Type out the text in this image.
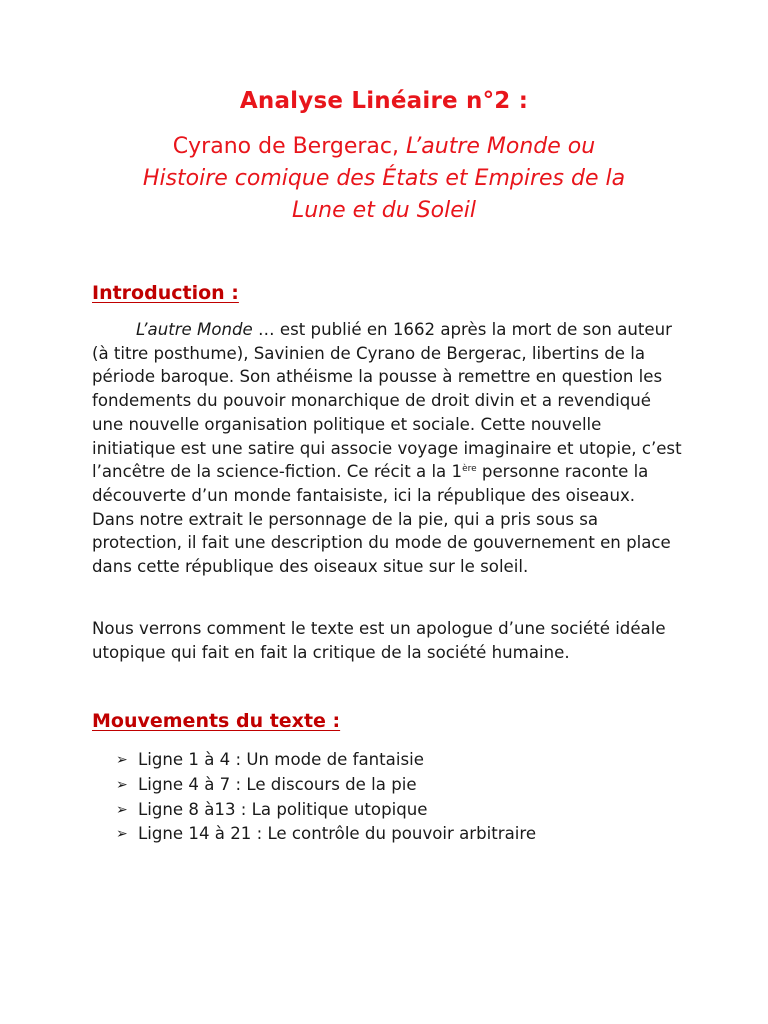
Analyse Linéaire n°2 :
Cyrano de Bergerac, L’autre Monde ou
Histoire comique des États et Empires de la
Lune et du Soleil
Introduction :
L’autre Monde … est publié en 1662 après la mort de son auteur (à titre posthume), Savinien de Cyrano de Bergerac, libertins de la période baroque. Son athéisme la pousse à remettre en question les fondements du pouvoir monarchique de droit divin et a revendiqué une nouvelle organisation politique et sociale. Cette nouvelle initiatique est une satire qui associe voyage imaginaire et utopie, c’est l’ancêtre de la science-fiction. Ce récit a la 1ère personne raconte la découverte d’un monde fantaisiste, ici la république des oiseaux. Dans notre extrait le personnage de la pie, qui a pris sous sa protection, il fait une description du mode de gouvernement en place dans cette république des oiseaux situe sur le soleil.
Nous verrons comment le texte est un apologue d’une société idéale utopique qui fait en fait la critique de la société humaine.
Mouvements du texte :
➢ Ligne 1 à 4 : Un mode de fantaisie
➢ Ligne 4 à 7 : Le discours de la pie
➢ Ligne 8 à13 : La politique utopique
➢ Ligne 14 à 21 : Le contrôle du pouvoir arbitraire
